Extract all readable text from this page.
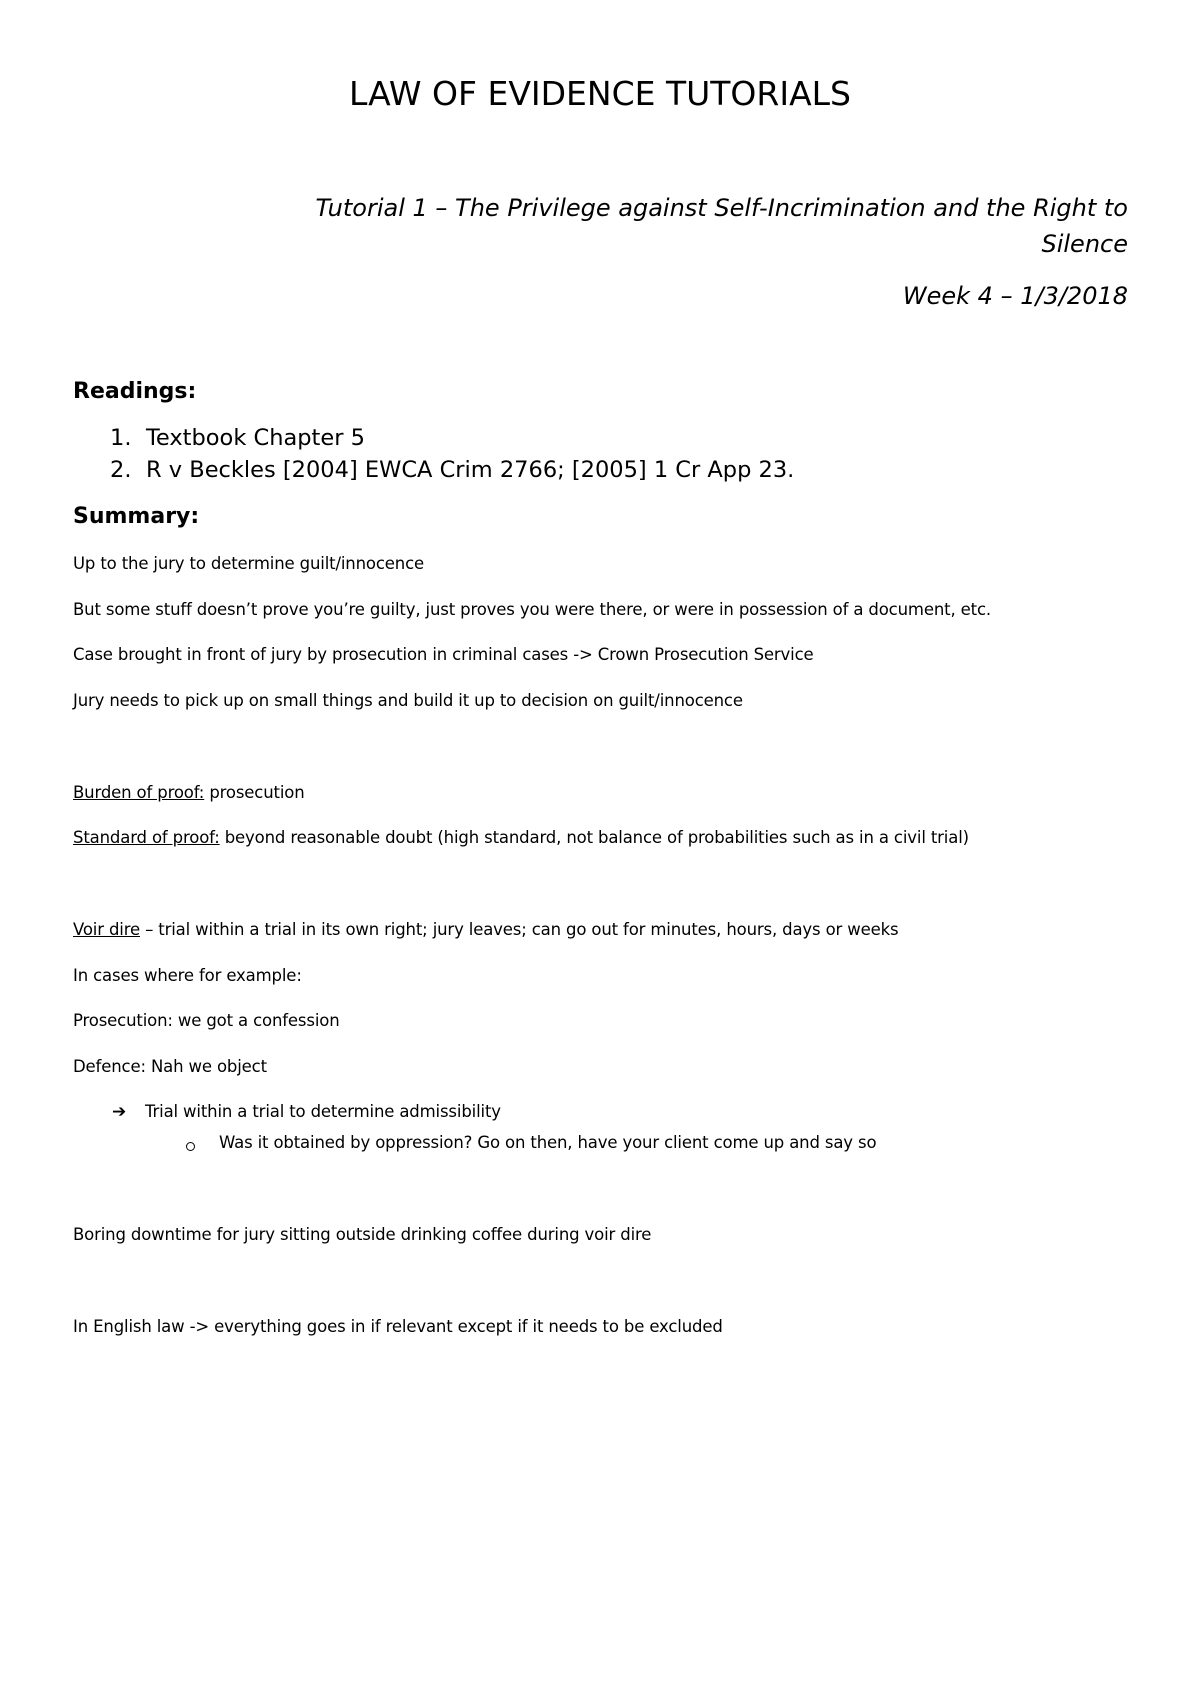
LAW OF EVIDENCE TUTORIALS
Tutorial 1 – The Privilege against Self-Incrimination and the Right to
Silence
Week 4 – 1/3/2018
Readings:
1. Textbook Chapter 5
2. R v Beckles [2004] EWCA Crim 2766; [2005] 1 Cr App 23.
Summary:
Up to the jury to determine guilt/innocence
But some stuff doesn’t prove you’re guilty, just proves you were there, or were in possession of a document, etc.
Case brought in front of jury by prosecution in criminal cases -> Crown Prosecution Service
Jury needs to pick up on small things and build it up to decision on guilt/innocence
Burden of proof: prosecution
Standard of proof: beyond reasonable doubt (high standard, not balance of probabilities such as in a civil trial)
Voir dire – trial within a trial in its own right; jury leaves; can go out for minutes, hours, days or weeks
In cases where for example:
Prosecution: we got a confession
Defence: Nah we object
➔ Trial within a trial to determine admissibility
Was it obtained by oppression? Go on then, have your client come up and say so
Boring downtime for jury sitting outside drinking coffee during voir dire
In English law -> everything goes in if relevant except if it needs to be excluded
